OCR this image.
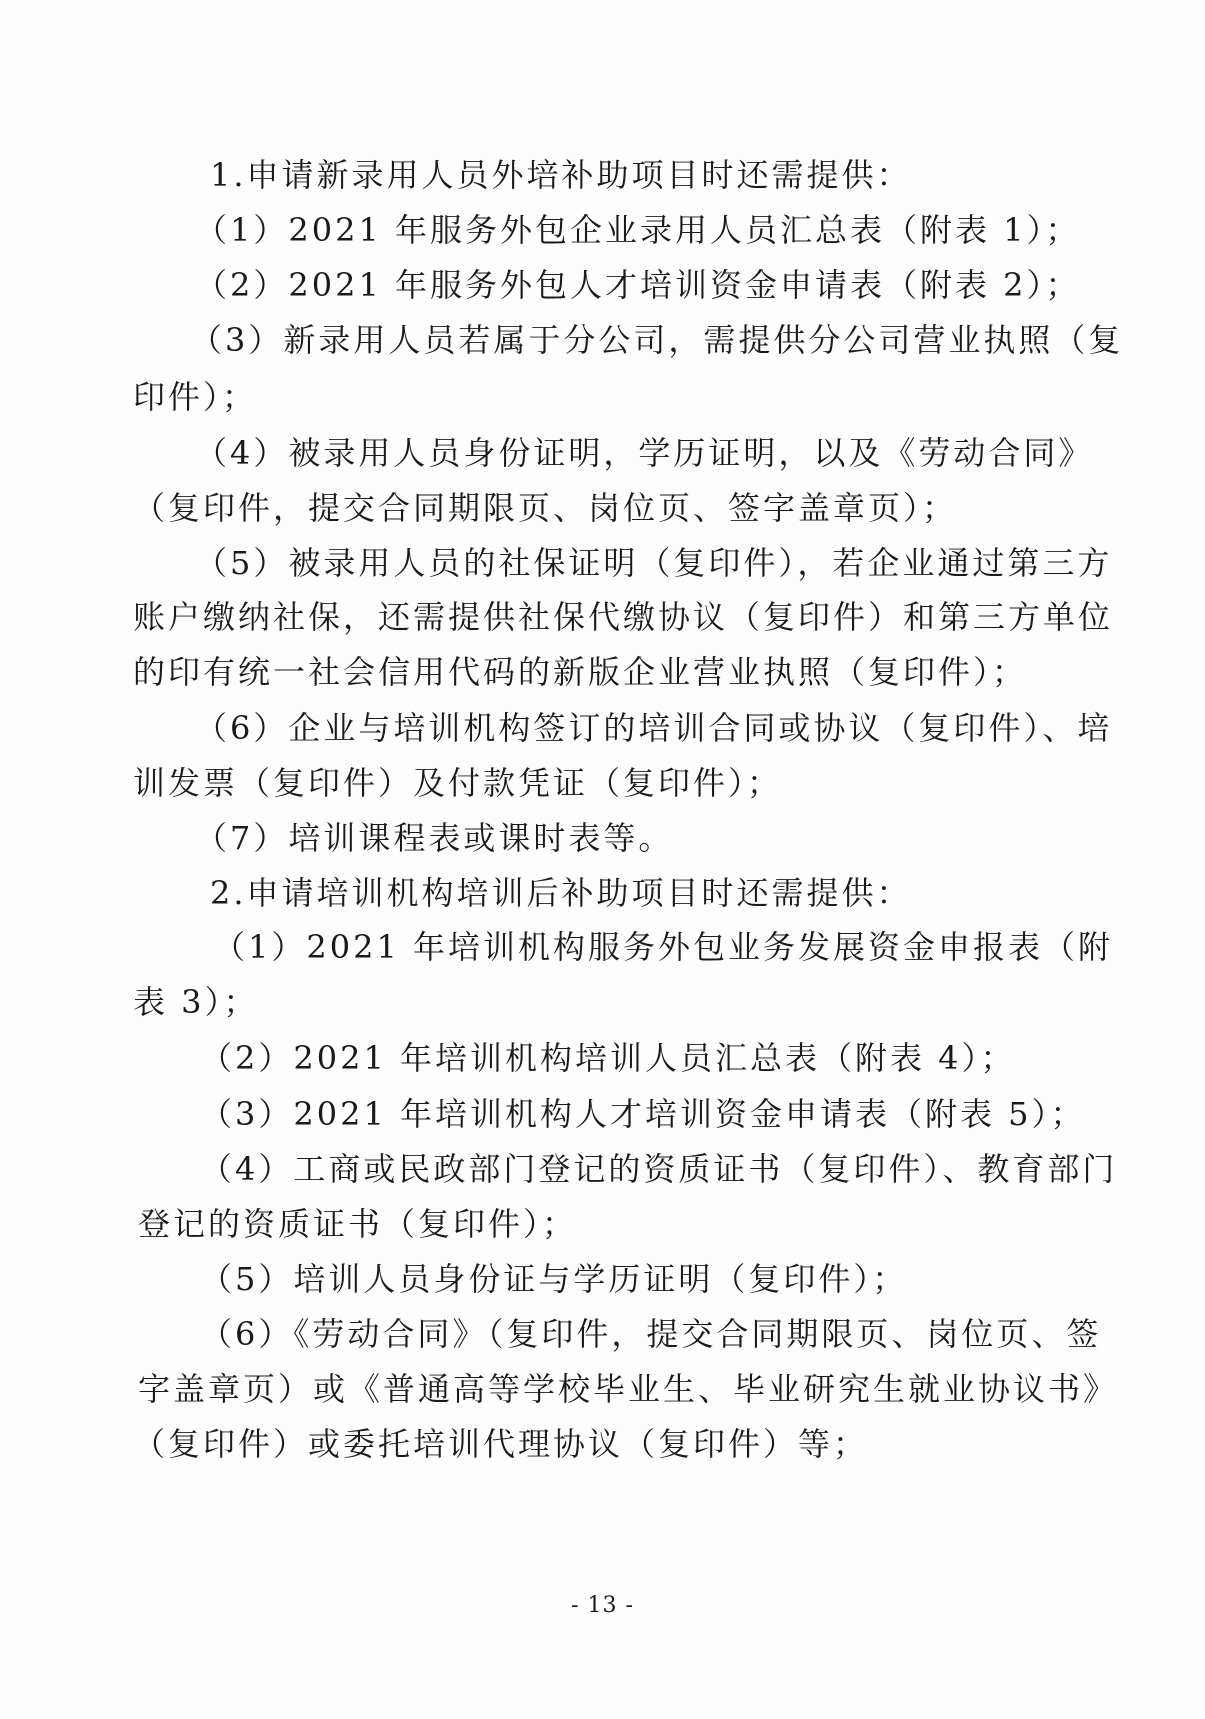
1.申请新录用人员外培补助项目时还需提供：
（1）2021 年服务外包企业录用人员汇总表（附表 1）；
（2）2021 年服务外包人才培训资金申请表（附表 2）；
（3）新录用人员若属于分公司，需提供分公司营业执照（复
印件）；
（4）被录用人员身份证明，学历证明，以及《劳动合同》
（复印件，提交合同期限页、岗位页、签字盖章页）；
（5）被录用人员的社保证明（复印件），若企业通过第三方
账户缴纳社保，还需提供社保代缴协议（复印件）和第三方单位
的印有统一社会信用代码的新版企业营业执照（复印件）；
（6）企业与培训机构签订的培训合同或协议（复印件）、培
训发票（复印件）及付款凭证（复印件）；
（7）培训课程表或课时表等。
2.申请培训机构培训后补助项目时还需提供：
（1）2021 年培训机构服务外包业务发展资金申报表（附
表 3）；
（2）2021 年培训机构培训人员汇总表（附表 4）；
（3）2021 年培训机构人才培训资金申请表（附表 5）；
（4）工商或民政部门登记的资质证书（复印件）、教育部门
登记的资质证书（复印件）；
（5）培训人员身份证与学历证明（复印件）；
（6）《劳动合同》（复印件，提交合同期限页、岗位页、签
字盖章页）或《普通高等学校毕业生、毕业研究生就业协议书》
（复印件）或委托培训代理协议（复印件）等；
- 13 -
